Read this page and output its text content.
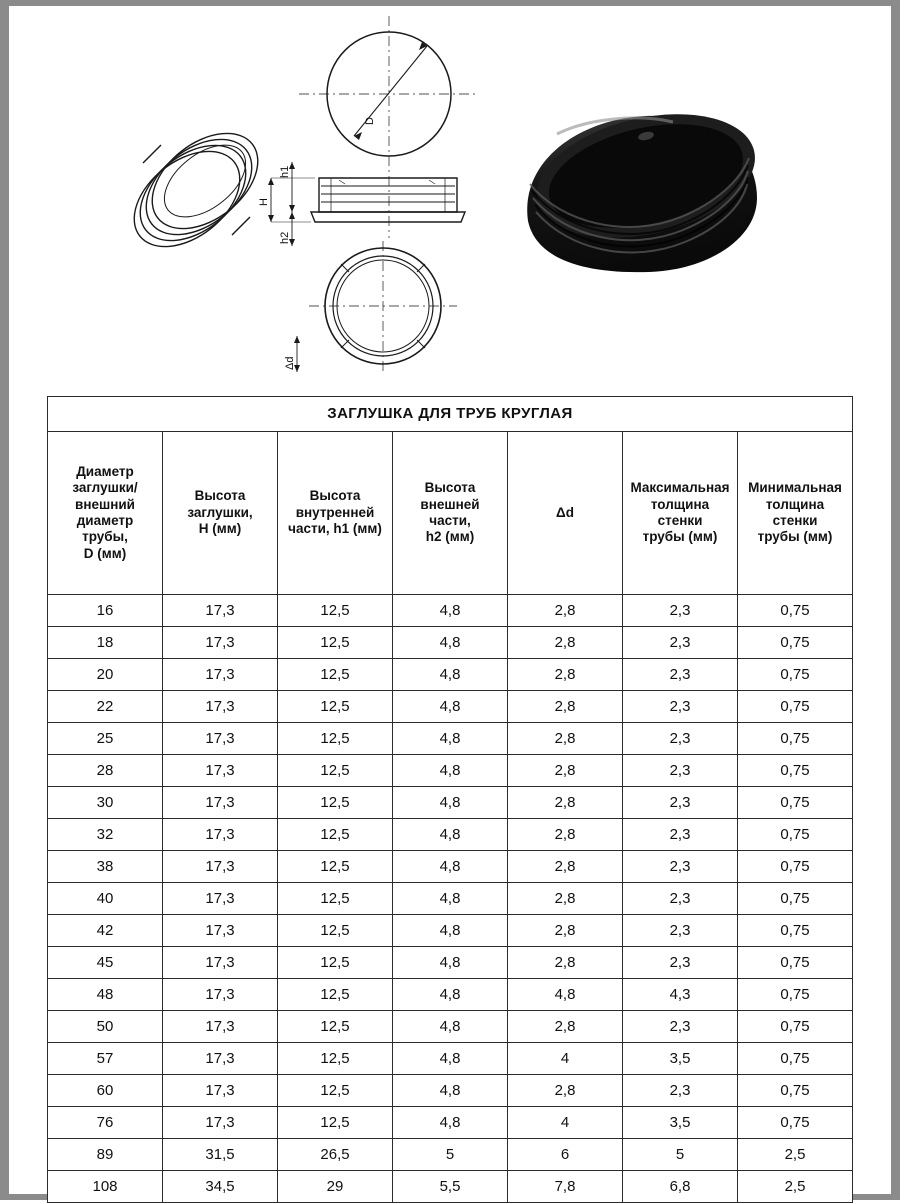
D
H
h1
h2
Δd
ЗАГЛУШКА ДЛЯ ТРУБ КРУГЛАЯ						
Диаметр
заглушки/
внешний
диаметр
трубы,
D (мм)	Высота
заглушки,
H (мм)	Высота
внутренней
части, h1 (мм)	Высота
внешней
части,
h2 (мм)	Δd	Максимальная
толщина стенки
трубы (мм)	Минимальная
толщина стенки
трубы (мм)
16	17,3	12,5	4,8	2,8	2,3	0,75
18	17,3	12,5	4,8	2,8	2,3	0,75
20	17,3	12,5	4,8	2,8	2,3	0,75
22	17,3	12,5	4,8	2,8	2,3	0,75
25	17,3	12,5	4,8	2,8	2,3	0,75
28	17,3	12,5	4,8	2,8	2,3	0,75
30	17,3	12,5	4,8	2,8	2,3	0,75
32	17,3	12,5	4,8	2,8	2,3	0,75
38	17,3	12,5	4,8	2,8	2,3	0,75
40	17,3	12,5	4,8	2,8	2,3	0,75
42	17,3	12,5	4,8	2,8	2,3	0,75
45	17,3	12,5	4,8	2,8	2,3	0,75
48	17,3	12,5	4,8	4,8	4,3	0,75
50	17,3	12,5	4,8	2,8	2,3	0,75
57	17,3	12,5	4,8	4	3,5	0,75
60	17,3	12,5	4,8	2,8	2,3	0,75
76	17,3	12,5	4,8	4	3,5	0,75
89	31,5	26,5	5	6	5	2,5
108	34,5	29	5,5	7,8	6,8	2,5
